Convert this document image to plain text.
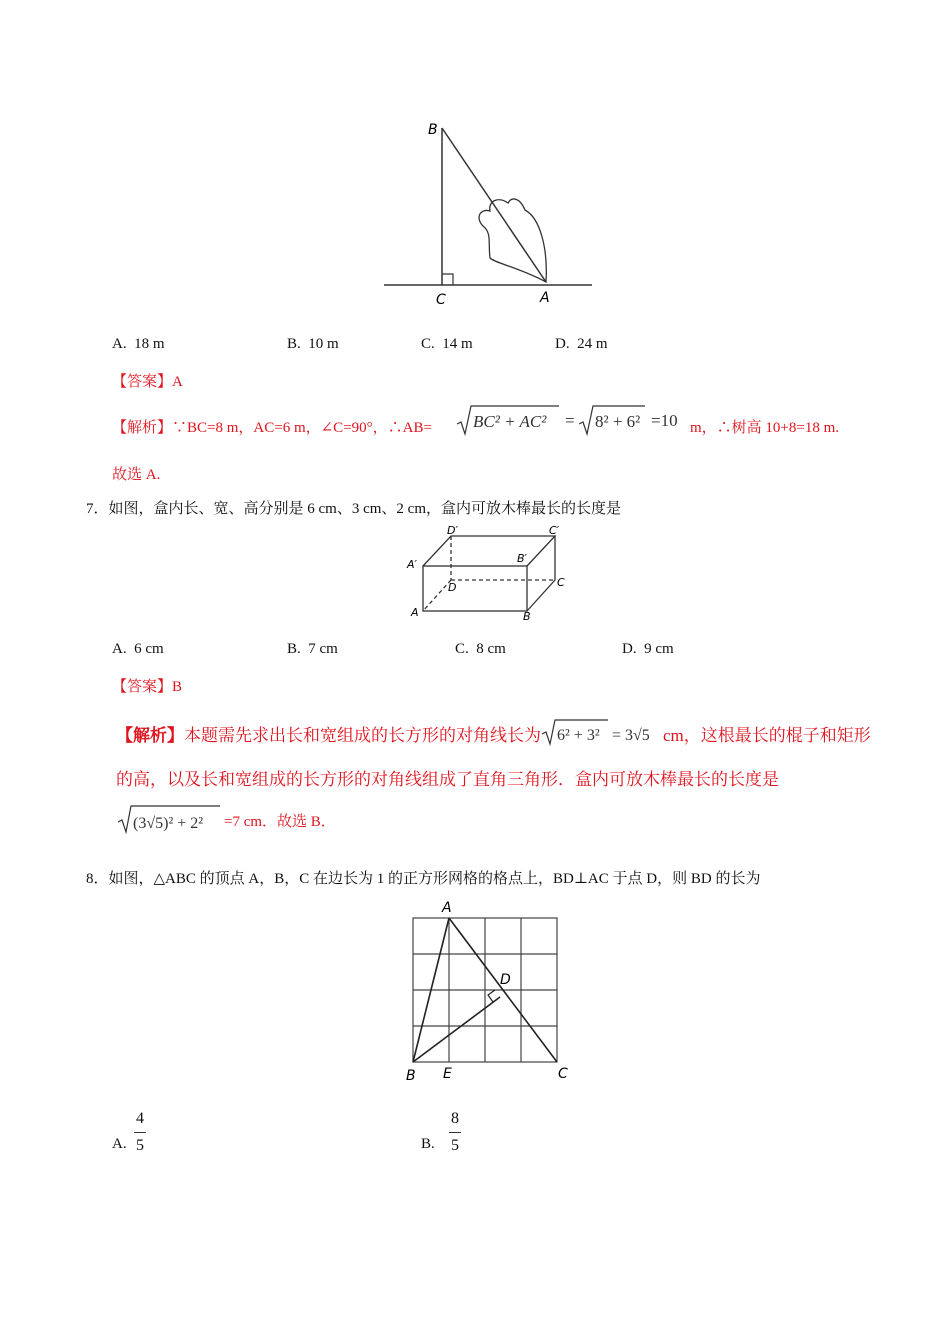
B
C	A
A. 18 m	B. 10 m	C. 14 m	D. 24 m
【答案】A
【解析】∵BC=8 m，AC=6 m，∠C=90°，∴AB= BC² + AC² = 8² + 6² =10 m，∴树高 10+8=18 m.
故选 A.
7．如图，盒内长、宽、高分别是 6 cm、3 cm、2 cm，盒内可放木棒最长的长度是
D′	C′
A′	B′
D	C
A	B
A. 6 cm	B. 7 cm	C. 8 cm	D. 9 cm
【答案】B
【解析】本题需先求出长和宽组成的长方形的对角线长为 6² + 3² = 3√5 cm，这根最长的棍子和矩形
的高，以及长和宽组成的长方形的对角线组成了直角三角形．盒内可放木棒最长的长度是
(3√5)² + 2² =7 cm．故选 B．
8．如图，△ABC 的顶点 A，B，C 在边长为 1 的正方形网格的格点上，BD⊥AC 于点 D，则 BD 的长为
A
D
B E	C
A. $\frac{4}{5}$	B. $\frac{8}{5}$
